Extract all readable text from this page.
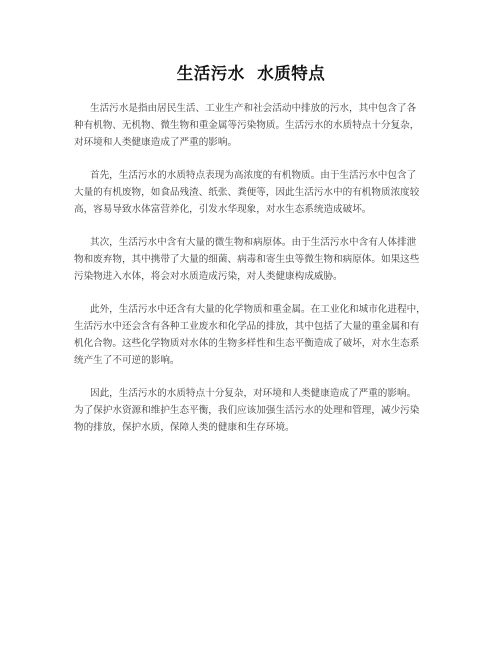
生活污水  水质特点
生活污水是指由居民生活、工业生产和社会活动中排放的污水，其中包含了各
种有机物、无机物、微生物和重金属等污染物质。生活污水的水质特点十分复杂，
对环境和人类健康造成了严重的影响。
首先，生活污水的水质特点表现为高浓度的有机物质。由于生活污水中包含了
大量的有机废物，如食品残渣、纸张、粪便等，因此生活污水中的有机物质浓度较
高，容易导致水体富营养化，引发水华现象，对水生态系统造成破坏。
其次，生活污水中含有大量的微生物和病原体。由于生活污水中含有人体排泄
物和废弃物，其中携带了大量的细菌、病毒和寄生虫等微生物和病原体。如果这些
污染物进入水体，将会对水质造成污染，对人类健康构成威胁。
此外，生活污水中还含有大量的化学物质和重金属。在工业化和城市化进程中，
生活污水中还会含有各种工业废水和化学品的排放，其中包括了大量的重金属和有
机化合物。这些化学物质对水体的生物多样性和生态平衡造成了破坏，对水生态系
统产生了不可逆的影响。
因此，生活污水的水质特点十分复杂，对环境和人类健康造成了严重的影响。
为了保护水资源和维护生态平衡，我们应该加强生活污水的处理和管理，减少污染
物的排放，保护水质，保障人类的健康和生存环境。
